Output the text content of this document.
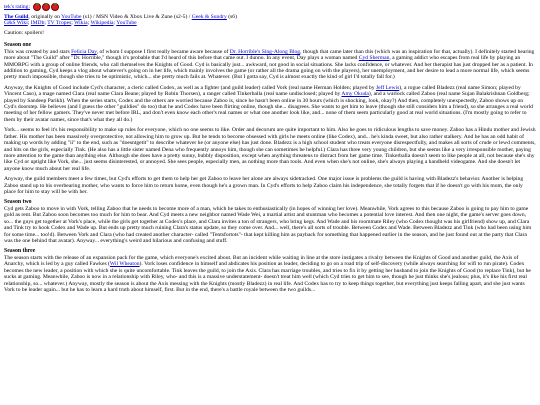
tek's rating:

The Guild, originally on YouTube (s1) / MSN Video & Xbox Live & Zune (s2-5) / Geek & Sundry (s6)
G&S Wiki; IMDb; TV Tropes; Wikia; Wikipedia; YouTube

Caution: spoilers!

Season one

This was created by and stars Felicia Day, of whom I suppose I first really became aware because of Dr. Horrible's Sing-Along Blog, though that came later than this (which was an inspiration for that, actually). I definitely started hearing more about "The Guild" after "Dr. Horrible," though it's probable that I'd heard of this before that came out. I dunno. In any event, Day plays a woman named Cyd Sherman, a gaming addict who escapes from real life by playing an MMORPG with a group of online friends, who call themselves the Knights of Good. Cyd is basically just... awkward, not good in social situations. She lacks confidence, or whatever. And her therapist has just dropped her as a patient. In addition to gaming, Cyd keeps a vlog about whatever's going on in her life, which mainly involves the game (or rather all the drama going on with the players), her unemployment, and her desire to lead a more normal life, which seems pretty much impossible, though she tries to be optimistic, which... she pretty much fails at. Whatever. (But I gotta say, Cyd is almost exactly the kind of girl I'd totally fall for.)

Anyway, the Knights of Good include Cyd's character, a cleric called Codex, as well as a fighter (and guild leader) called Vork (real name Herman Holden; played by Jeff Lewis), a rogue called Bladezz (real name Simon; played by Vincent Caso), a mage named Clara (real name Clara Beane; played by Robin Thorsen), a ranger called Tinkerballa (real name undisclosed; played by Amy Okuda), and a warlock called Zaboo (real name Sujan Balakrishnan Goldberg; played by Sandeep Parikh). When the series starts, Codex and the others are worried because Zaboo is, since he hasn't been online in 30 hours (which is shocking, look, okay?) And then, completely unexpectedly, Zaboo shows up on Cyd's doorstep. He believes (and I guess the other "guildies" do too) that he and Codex have been flirting online, though she... disagrees. She wants to get him to leave (though she still considers him a friend), so she arranges a real world meeting of her fellow gamers. They've never met before IRL, and don't even know each other's real names or what one another look like, and... none of them seem particularly good at real world situations. (I'm mostly going to refer to them by their avatar names, since that's what they all do.)

York... seems to feel it's his responsibility to make up rules for everyone, which no one seems to like. Order and decorum are quite important to him. Also he goes to ridiculous lengths to save money. Zaboo has a Hindu mother and Jewish father. His mother has been massively overprotective, not allowing him to grow up. But he tends to become obsessed with girls he meets online (like Codex), and... he's kinda sweet, but also rather stalkery. And he has an odd habit of making up words by adding "ii" to the end, such as "doesntgetit" to describe whatever he (or anyone else) has just done. Bladezz is a high school student who treats everyone disrespectfully, and makes all sorts of crude or lewd comments, and hits on the girls, especially Tink. (He also has a little sister named Dena who frequently annoys him, though she can sometimes be helpful.) Clara has three very young children, but she seems like a very irresponsible mother, paying more attention to the game than anything else. Although she does have a pretty sunny, bubbly disposition, except when anything threatens to distract from her game time. Tinkerballa doesn't seem to like people at all, not because she's shy like Cyd or uptight like Vork, she... just seems disinterested, or annoyed. She sees people, especially men, as nothing more than tools. And even when she's not online, she's always playing a handheld videogame. And she doesn't let anyone know much about her real life.

Anyway, the guild members meet a few times, but Cyd's efforts to get them to help her get Zaboo to leave her alone are always sidetracked. One major issue is problems the guild is having with Bladezz's behavior. Another is helping Zaboo stand up to his overbearing mother, who wants to force him to return home, even though he's a grown man. In Cyd's efforts to help Zaboo claim his independence, she totally forgets that if he doesn't go with his mom, the only place for him to stay will be with her.

Season two

Cyd gets Zaboo to move in with Vork, telling Zaboo that he needs to become more of a man, which he takes to enthusiastically (in hopes of winning her love). Meanwhile, Vork agrees to this because Zaboo is going to pay him to game gold as rent. But Zaboo soon becomes too much for him to bear. And Cyd meets a new neighbor named Wade Wei, a martial artist and stuntman who becomes a potential love interest. And then one night, the game's server goes down, so... the guys get together at Vork's place, while the girls get together at Codex's place, and Clara invites a ton of strangers, who bring kegs. And Wade and his roommate Riley (who Codex thought was his girlfriend) show up, and Clara and Tink try to hook Codex and Wade up. But ends up pretty much ruining Clara's status update, so they come over. And... well, there's all sorts of trouble. Between Codex and Wade. Between Bladezz and Tink (who had been using him for some time... too!d). Between Vork and Clara (who had created another character- called "Tentsfortots"- that kept killing him as payback for something that happened earlier in the season, and he just found out at the party that Clara was the one behind that avatar). Anyway... everything's weird and hilarious and confusing and stuff.

Season three

The season starts with the release of an expansion pack for the game, which everyone's excited about. But an incident while waiting in line at the store instigates a rivalry between the Knights of Good and another guild, the Axis of Anarchy, which is led by a guy called Fawkes (Wil Wheaton). Vork loses confidence in himself and abdicates his position as leader, deciding to go on a road trip of self-discovery (while always searching for wifi to run pirate). Codex becomes the new leader, a position with which she is quite uncomfortable. Tink leaves the guild, to join the Axis. Clara has marriage troubles, and tries to fix it by getting her husband to join the Knights of Good (to replace Tink), but he sucks at gaming. Meanwhile, Zaboo is now in a relationship with Riley, who- and this is a massive understatement- doesn't treat him well (which Cyd tries to get him to see, though he just thinks she's jealous; plus, it's like his first real relationship, so... whatever.) Anyway, mostly the season is about the Axis messing with the Knights (mostly Bladezz) in real life. And Codex has to try to keep things together, but everything just keeps falling apart, and she just wants Vork to be leader again... but he has to learn a hard truth about himself, first. But in the end, there's a battle royale between the two guilds...
